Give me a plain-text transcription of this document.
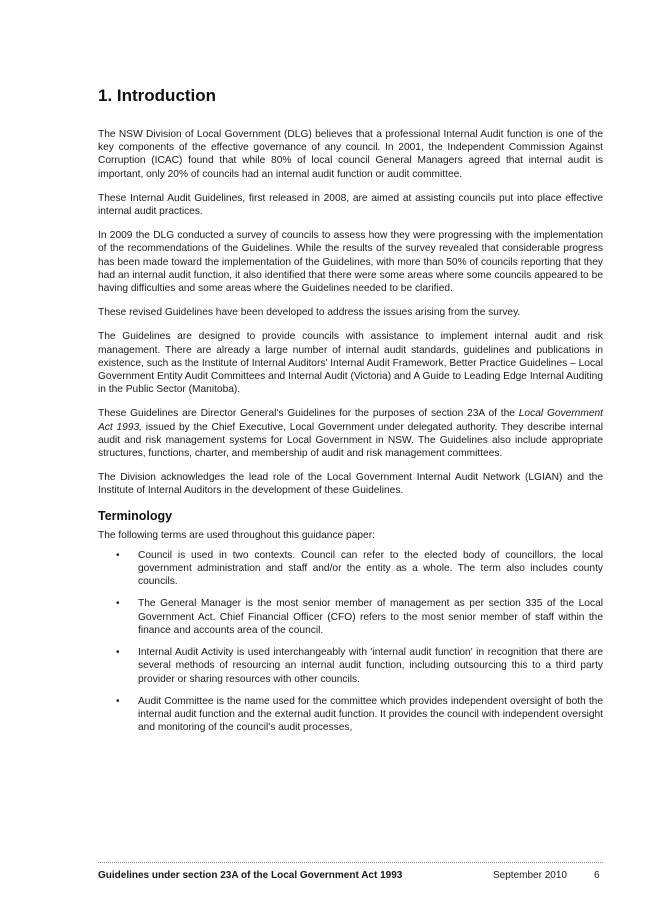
1. Introduction

The NSW Division of Local Government (DLG) believes that a professional Internal Audit function is one of the key components of the effective governance of any council. In 2001, the Independent Commission Against Corruption (ICAC) found that while 80% of local council General Managers agreed that internal audit is important, only 20% of councils had an internal audit function or audit committee.

These Internal Audit Guidelines, first released in 2008, are aimed at assisting councils put into place effective internal audit practices.

In 2009 the DLG conducted a survey of councils to assess how they were progressing with the implementation of the recommendations of the Guidelines. While the results of the survey revealed that considerable progress has been made toward the implementation of the Guidelines, with more than 50% of councils reporting that they had an internal audit function, it also identified that there were some areas where some councils appeared to be having difficulties and some areas where the Guidelines needed to be clarified.

These revised Guidelines have been developed to address the issues arising from the survey.

The Guidelines are designed to provide councils with assistance to implement internal audit and risk management. There are already a large number of internal audit standards, guidelines and publications in existence, such as the Institute of Internal Auditors' Internal Audit Framework, Better Practice Guidelines – Local Government Entity Audit Committees and Internal Audit (Victoria) and A Guide to Leading Edge Internal Auditing in the Public Sector (Manitoba).

These Guidelines are Director General's Guidelines for the purposes of section 23A of the Local Government Act 1993, issued by the Chief Executive, Local Government under delegated authority. They describe internal audit and risk management systems for Local Government in NSW. The Guidelines also include appropriate structures, functions, charter, and membership of audit and risk management committees.

The Division acknowledges the lead role of the Local Government Internal Audit Network (LGIAN) and the Institute of Internal Auditors in the development of these Guidelines.

Terminology

The following terms are used throughout this guidance paper:

• Council is used in two contexts. Council can refer to the elected body of councillors, the local government administration and staff and/or the entity as a whole. The term also includes county councils.
• The General Manager is the most senior member of management as per section 335 of the Local Government Act. Chief Financial Officer (CFO) refers to the most senior member of staff within the finance and accounts area of the council.
• Internal Audit Activity is used interchangeably with 'internal audit function' in recognition that there are several methods of resourcing an internal audit function, including outsourcing this to a third party provider or sharing resources with other councils.
• Audit Committee is the name used for the committee which provides independent oversight of both the internal audit function and the external audit function. It provides the council with independent oversight and monitoring of the council's audit processes,
Guidelines under section 23A of the Local Government Act 1993	September 2010	6
